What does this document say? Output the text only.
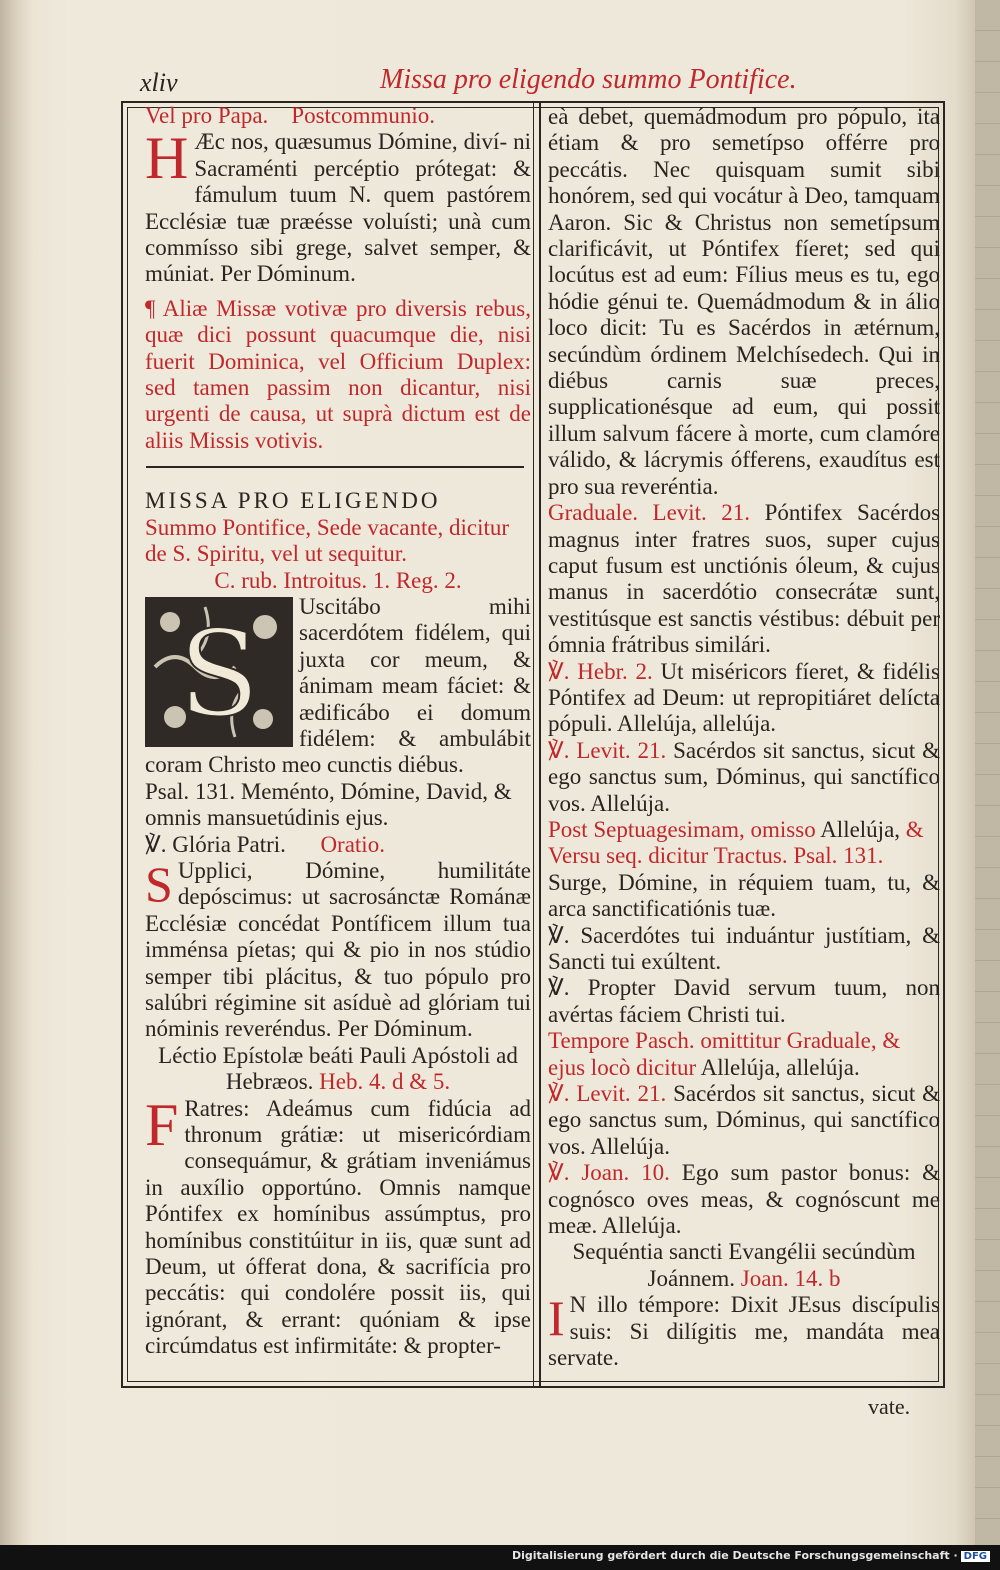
xliv	Missa pro eligendo summo Pontifice.

Vel pro Papa. Postcommunio.

H Æc nos, quæsumus Dómine, diví- ni Sacraménti percéptio prótegat: & fámulum tuum N. quem pastórem Ecclésiæ tuæ præésse voluísti; unà cum commísso sibi grege, salvet semper, & múniat. Per Dóminum.

¶ Aliæ Missæ votivæ pro diversis rebus, quæ dici possunt quacumque die, nisi fuerit Dominica, vel Officium Duplex: sed tamen passim non dicantur, nisi urgenti de causa, ut suprà dictum est de aliis Missis votivis.

MISSA PRO ELIGENDO

Summo Pontifice, Sede vacante, dicitur de S. Spiritu, vel ut sequitur.

C. rub. Introitus. 1. Reg. 2.

S Uscitábo mihi sacerdótem fidélem, qui juxta cor meum, & ánimam meam fáciet: & ædificábo ei domum fidélem: & ambulábit coram Christo meo cunctis diébus.

Psal. 131. Meménto, Dómine, David, & omnis mansuetúdinis ejus.

℣. Glória Patri. Oratio.

S Upplici, Dómine, humilitáte depóscimus: ut sacrosánctæ Románæ Ecclésiæ concédat Pontíficem illum tua imménsa píetas; qui & pio in nos stúdio semper tibi plácitus, & tuo pópulo pro salúbri régimine sit asíduè ad glóriam tui nóminis reveréndus. Per Dóminum.

Léctio Epístolæ beáti Pauli Apóstoli ad Hebræos. Heb. 4. d & 5.

F Ratres: Adeámus cum fidúcia ad thronum grátiæ: ut misericórdiam consequámur, & grátiam inveniámus in auxílio opportúno. Omnis namque Póntifex ex homínibus assúmptus, pro homínibus constitúitur in iis, quæ sunt ad Deum, ut ófferat dona, & sacrifícia pro peccátis: qui condolére possit iis, qui ignórant, & errant: quóniam & ipse circúmdatus est infirmitáte: & propter-

eà debet, quemádmodum pro pópulo, ita étiam & pro semetípso offérre pro peccátis. Nec quisquam sumit sibi honórem, sed qui vocátur à Deo, tamquam Aaron. Sic & Christus non semetípsum clarificávit, ut Póntifex fíeret; sed qui locútus est ad eum: Fílius meus es tu, ego hódie génui te. Quemádmodum & in álio loco dicit: Tu es Sacérdos in ætérnum, secúndùm órdinem Melchísedech. Qui in diébus carnis suæ preces, supplicationésque ad eum, qui possit illum salvum fácere à morte, cum clamóre válido, & lácrymis ófferens, exaudítus est pro sua reveréntia.

Graduale. Levit. 21. Póntifex Sacérdos magnus inter fratres suos, super cujus caput fusum est unctiónis óleum, & cujus manus in sacerdótio consecrátæ sunt, vestitúsque est sanctis véstibus: débuit per ómnia frátribus similári.

℣. Hebr. 2. Ut miséricors fíeret, & fidélis Póntifex ad Deum: ut repropitiáret delícta pópuli. Allelúja, allelúja.

℣. Levit. 21. Sacérdos sit sanctus, sicut & ego sanctus sum, Dóminus, qui sanctífico vos. Allelúja.

Post Septuagesimam, omisso Allelúja, & Versu seq. dicitur Tractus. Psal. 131.

Surge, Dómine, in réquiem tuam, tu, & arca sanctificatiónis tuæ.

℣. Sacerdótes tui induántur justítiam, & Sancti tui exúltent.

℣. Propter David servum tuum, non avértas fáciem Christi tui.

Tempore Pasch. omittitur Graduale, & ejus locò dicitur Allelúja, allelúja.

℣. Levit. 21. Sacérdos sit sanctus, sicut & ego sanctus sum, Dóminus, qui sanctífico vos. Allelúja.

℣. Joan. 10. Ego sum pastor bonus: & cognósco oves meas, & cognóscunt me meæ. Allelúja.

Sequéntia sancti Evangélii secúndùm Joánnem. Joan. 14. b

I N illo témpore: Dixit JEsus discípulis suis: Si dilígitis me, mandáta mea servate.

vate.
Digitalisierung gefördert durch die Deutsche Forschungsgemeinschaft · DFG
